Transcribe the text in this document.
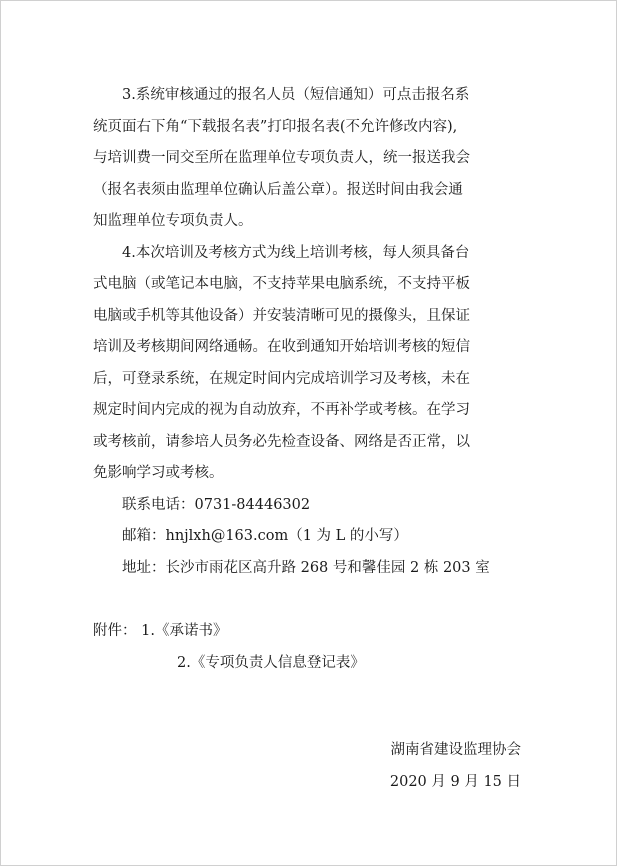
3.系统审核通过的报名人员（短信通知）可点击报名系
统页面右下角“下载报名表”打印报名表(不允许修改内容),
与培训费一同交至所在监理单位专项负责人，统一报送我会
（报名表须由监理单位确认后盖公章）。报送时间由我会通
知监理单位专项负责人。
4.本次培训及考核方式为线上培训考核，每人须具备台
式电脑（或笔记本电脑，不支持苹果电脑系统，不支持平板
电脑或手机等其他设备）并安装清晰可见的摄像头，且保证
培训及考核期间网络通畅。在收到通知开始培训考核的短信
后，可登录系统，在规定时间内完成培训学习及考核，未在
规定时间内完成的视为自动放弃，不再补学或考核。在学习
或考核前，请参培人员务必先检查设备、网络是否正常，以
免影响学习或考核。
联系电话：0731-84446302
邮箱：hnjlxh@163.com（1 为 L 的小写）
地址：长沙市雨花区高升路 268 号和馨佳园 2 栋 203 室
附件： 1.《承诺书》
2.《专项负责人信息登记表》
湖南省建设监理协会
2020 月 9 月 15 日
